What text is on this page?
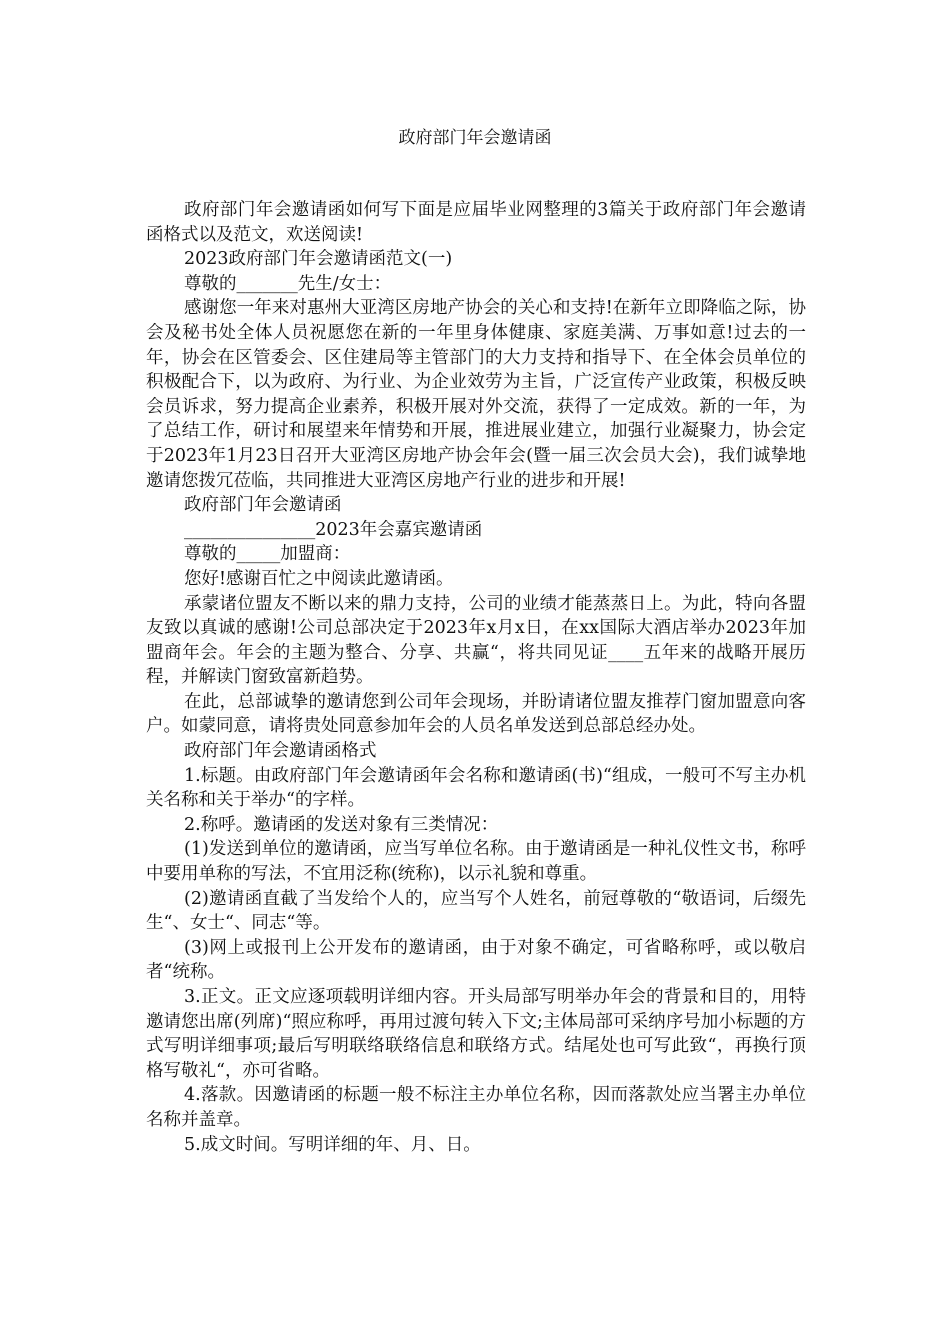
政府部门年会邀请函

政府部门年会邀请函如何写下面是应届毕业网整理的3篇关于政府部门年会邀请函格式以及范文，欢送阅读!

2023政府部门年会邀请函范文(一)

尊敬的_______先生/女士：

感谢您一年来对惠州大亚湾区房地产协会的关心和支持!在新年立即降临之际，协会及秘书处全体人员祝愿您在新的一年里身体健康、家庭美满、万事如意!过去的一年，协会在区管委会、区住建局等主管部门的大力支持和指导下、在全体会员单位的积极配合下，以为政府、为行业、为企业效劳为主旨，广泛宣传产业政策，积极反映会员诉求，努力提高企业素养，积极开展对外交流，获得了一定成效。新的一年，为了总结工作，研讨和展望来年情势和开展，推进展业建立，加强行业凝聚力，协会定于2023年1月23日召开大亚湾区房地产协会年会(暨一届三次会员大会)，我们诚挚地邀请您拨冗莅临，共同推进大亚湾区房地产行业的进步和开展!

政府部门年会邀请函

_______________2023年会嘉宾邀请函

尊敬的_____加盟商：

您好!感谢百忙之中阅读此邀请函。

承蒙诸位盟友不断以来的鼎力支持，公司的业绩才能蒸蒸日上。为此，特向各盟友致以真诚的感谢!公司总部决定于2023年x月x日，在xx国际大酒店举办2023年加盟商年会。年会的主题为整合、分享、共赢“，将共同见证____五年来的战略开展历程，并解读门窗致富新趋势。

在此，总部诚挚的邀请您到公司年会现场，并盼请诸位盟友推荐门窗加盟意向客户。如蒙同意，请将贵处同意参加年会的人员名单发送到总部总经办处。

政府部门年会邀请函格式

1.标题。由政府部门年会邀请函年会名称和邀请函(书)“组成，一般可不写主办机关名称和关于举办“的字样。

2.称呼。邀请函的发送对象有三类情况：

(1)发送到单位的邀请函，应当写单位名称。由于邀请函是一种礼仪性文书，称呼中要用单称的写法，不宜用泛称(统称)，以示礼貌和尊重。

(2)邀请函直截了当发给个人的，应当写个人姓名，前冠尊敬的“敬语词，后缀先生“、女士“、同志“等。

(3)网上或报刊上公开发布的邀请函，由于对象不确定，可省略称呼，或以敬启者“统称。

3.正文。正文应逐项载明详细内容。开头局部写明举办年会的背景和目的，用特邀请您出席(列席)“照应称呼，再用过渡句转入下文;主体局部可采纳序号加小标题的方式写明详细事项;最后写明联络联络信息和联络方式。结尾处也可写此致“，再换行顶格写敬礼“，亦可省略。

4.落款。因邀请函的标题一般不标注主办单位名称，因而落款处应当署主办单位名称并盖章。

5.成文时间。写明详细的年、月、日。
